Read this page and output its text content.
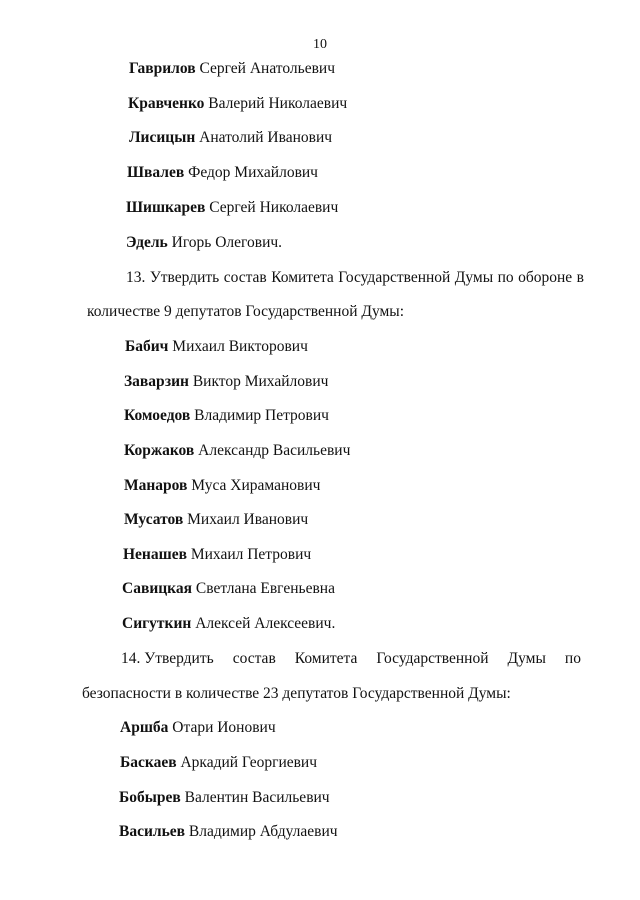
10
Гаврилов Сергей Анатольевич
Кравченко Валерий Николаевич
Лисицын Анатолий Иванович
Швалев Федор Михайлович
Шишкарев Сергей Николаевич
Эдель Игорь Олегович.
13. Утвердить состав Комитета Государственной Думы по обороне в
количестве 9 депутатов Государственной Думы:
Бабич Михаил Викторович
Заварзин Виктор Михайлович
Комоедов Владимир Петрович
Коржаков Александр Васильевич
Манаров Муса Хираманович
Мусатов Михаил Иванович
Ненашев Михаил Петрович
Савицкая Светлана Евгеньевна
Сигуткин Алексей Алексеевич.
14. Утвердить состав Комитета Государственной Думы по
безопасности в количестве 23 депутатов Государственной Думы:
Аршба Отари Ионович
Баскаев Аркадий Георгиевич
Бобырев Валентин Васильевич
Васильев Владимир Абдулаевич
